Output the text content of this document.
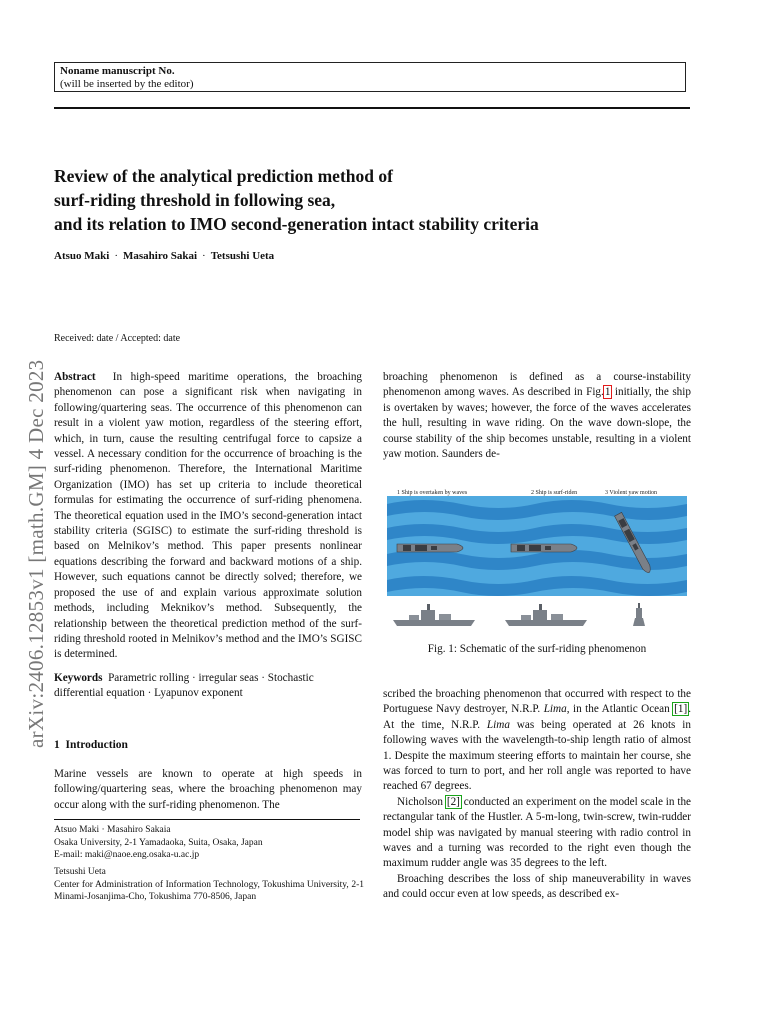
Noname manuscript No.
(will be inserted by the editor)
Review of the analytical prediction method of
surf-riding threshold in following sea,
and its relation to IMO second-generation intact stability criteria
Atsuo Maki · Masahiro Sakai · Tetsushi Ueta
arXiv:2406.12853v1 [math.GM] 4 Dec 2023
Received: date / Accepted: date

Abstract In high-speed maritime operations, the broaching phenomenon can pose a significant risk when navigating in following/quartering seas. The occurrence of this phenomenon can result in a violent yaw motion, regardless of the steering effort, which, in turn, cause the resulting centrifugal force to capsize a vessel. A necessary condition for the occurrence of broaching is the surf-riding phenomenon. Therefore, the International Maritime Organization (IMO) has set up criteria to include theoretical formulas for estimating the occurrence of surf-riding phenomena. The theoretical equation used in the IMO’s second-generation intact stability criteria (SGISC) to estimate the surf-riding threshold is based on Melnikov’s method. This paper presents nonlinear equations describing the forward and backward motions of a ship. However, such equations cannot be directly solved; therefore, we proposed the use of and explain various approximate solution methods, including Meknikov’s method. Subsequently, the relationship between the theoretical prediction method of the surf-riding threshold rooted in Melnikov’s method and the IMO’s SGISC is determined.

Keywords Parametric rolling · irregular seas · Stochastic differential equation · Lyapunov exponent

1 Introduction

Marine vessels are known to operate at high speeds in following/quartering seas, where the broaching phenomenon may occur along with the surf-riding phenomenon. The

Atsuo Maki · Masahiro Sakaia
Osaka University, 2-1 Yamadaoka, Suita, Osaka, Japan
E-mail: maki@naoe.eng.osaka-u.ac.jp
Tetsushi Ueta
Center for Administration of Information Technology, Tokushima University, 2-1 Minami-Josanjima-Cho, Tokushima 770-8506, Japan

broaching phenomenon is defined as a course-instability phenomenon among waves. As described in Fig.1 initially, the ship is overtaken by waves; however, the force of the waves accelerates the hull, resulting in wave riding. On the wave down-slope, the course stability of the ship becomes unstable, resulting in a violent yaw motion. Saunders de-

1 Ship is overtaken by waves	2 Ship is surf-riden	3 Violent yaw motion
Fig. 1: Schematic of the surf-riding phenomenon

scribed the broaching phenomenon that occurred with respect to the Portuguese Navy destroyer, N.R.P. Lima, in the Atlantic Ocean [1]. At the time, N.R.P. Lima was being operated at 26 knots in following waves with the wavelength-to-ship length ratio of almost 1. Despite the maximum steering efforts to maintain her course, she was forced to turn to port, and her roll angle was reported to have reached 67 degrees.

Nicholson [2] conducted an experiment on the model scale in the rectangular tank of the Hustler. A 5-m-long, twin-screw, twin-rudder model ship was navigated by manual steering with radio control in waves and a turning was recorded to the right even though the maximum rudder angle was 35 degrees to the left.

Broaching describes the loss of ship maneuverability in waves and could occur even at low speeds, as described ex-
